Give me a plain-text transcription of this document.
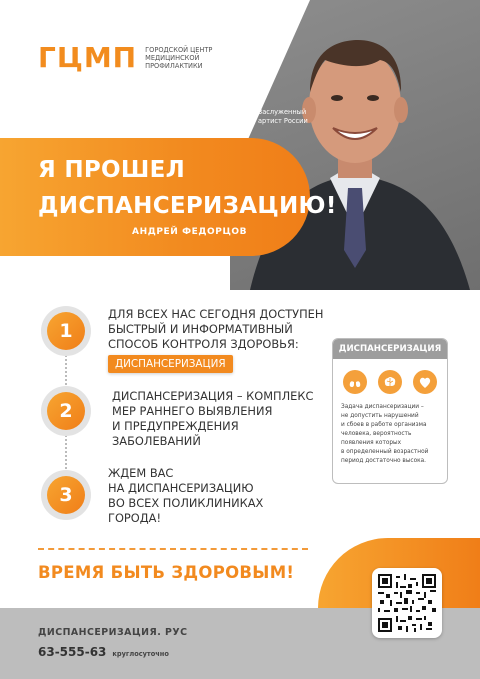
ГЦМП ГОРОДСКОЙ ЦЕНТР
МЕДИЦИНСКОЙ
ПРОФИЛАКТИКИ
Заслуженный
артист России
Я ПРОШЕЛ
ДИСПАНСЕРИЗАЦИЮ!
АНДРЕЙ ФЕДОРЦОВ
1
ДЛЯ ВСЕХ НАС СЕГОДНЯ ДОСТУПЕН
БЫСТРЫЙ И ИНФОРМАТИВНЫЙ
СПОСОБ КОНТРОЛЯ ЗДОРОВЬЯ:
ДИСПАНСЕРИЗАЦИЯ
2
ДИСПАНСЕРИЗАЦИЯ – КОМПЛЕКС
МЕР РАННЕГО ВЫЯВЛЕНИЯ
И ПРЕДУПРЕЖДЕНИЯ
ЗАБОЛЕВАНИЙ
3
ЖДЕМ ВАС
НА ДИСПАНСЕРИЗАЦИЮ
ВО ВСЕХ ПОЛИКЛИНИКАХ
ГОРОДА!
ДИСПАНСЕРИЗАЦИЯ
Задача диспансеризации –
не допустить нарушений
и сбоев в работе организма
человека, вероятность
появления которых
в определенный возрастной
период достаточно высока.
ВРЕМЯ БЫТЬ ЗДОРОВЫМ!
ДИСПАНСЕРИЗАЦИЯ. РУС
63-555-63 круглосуточно
